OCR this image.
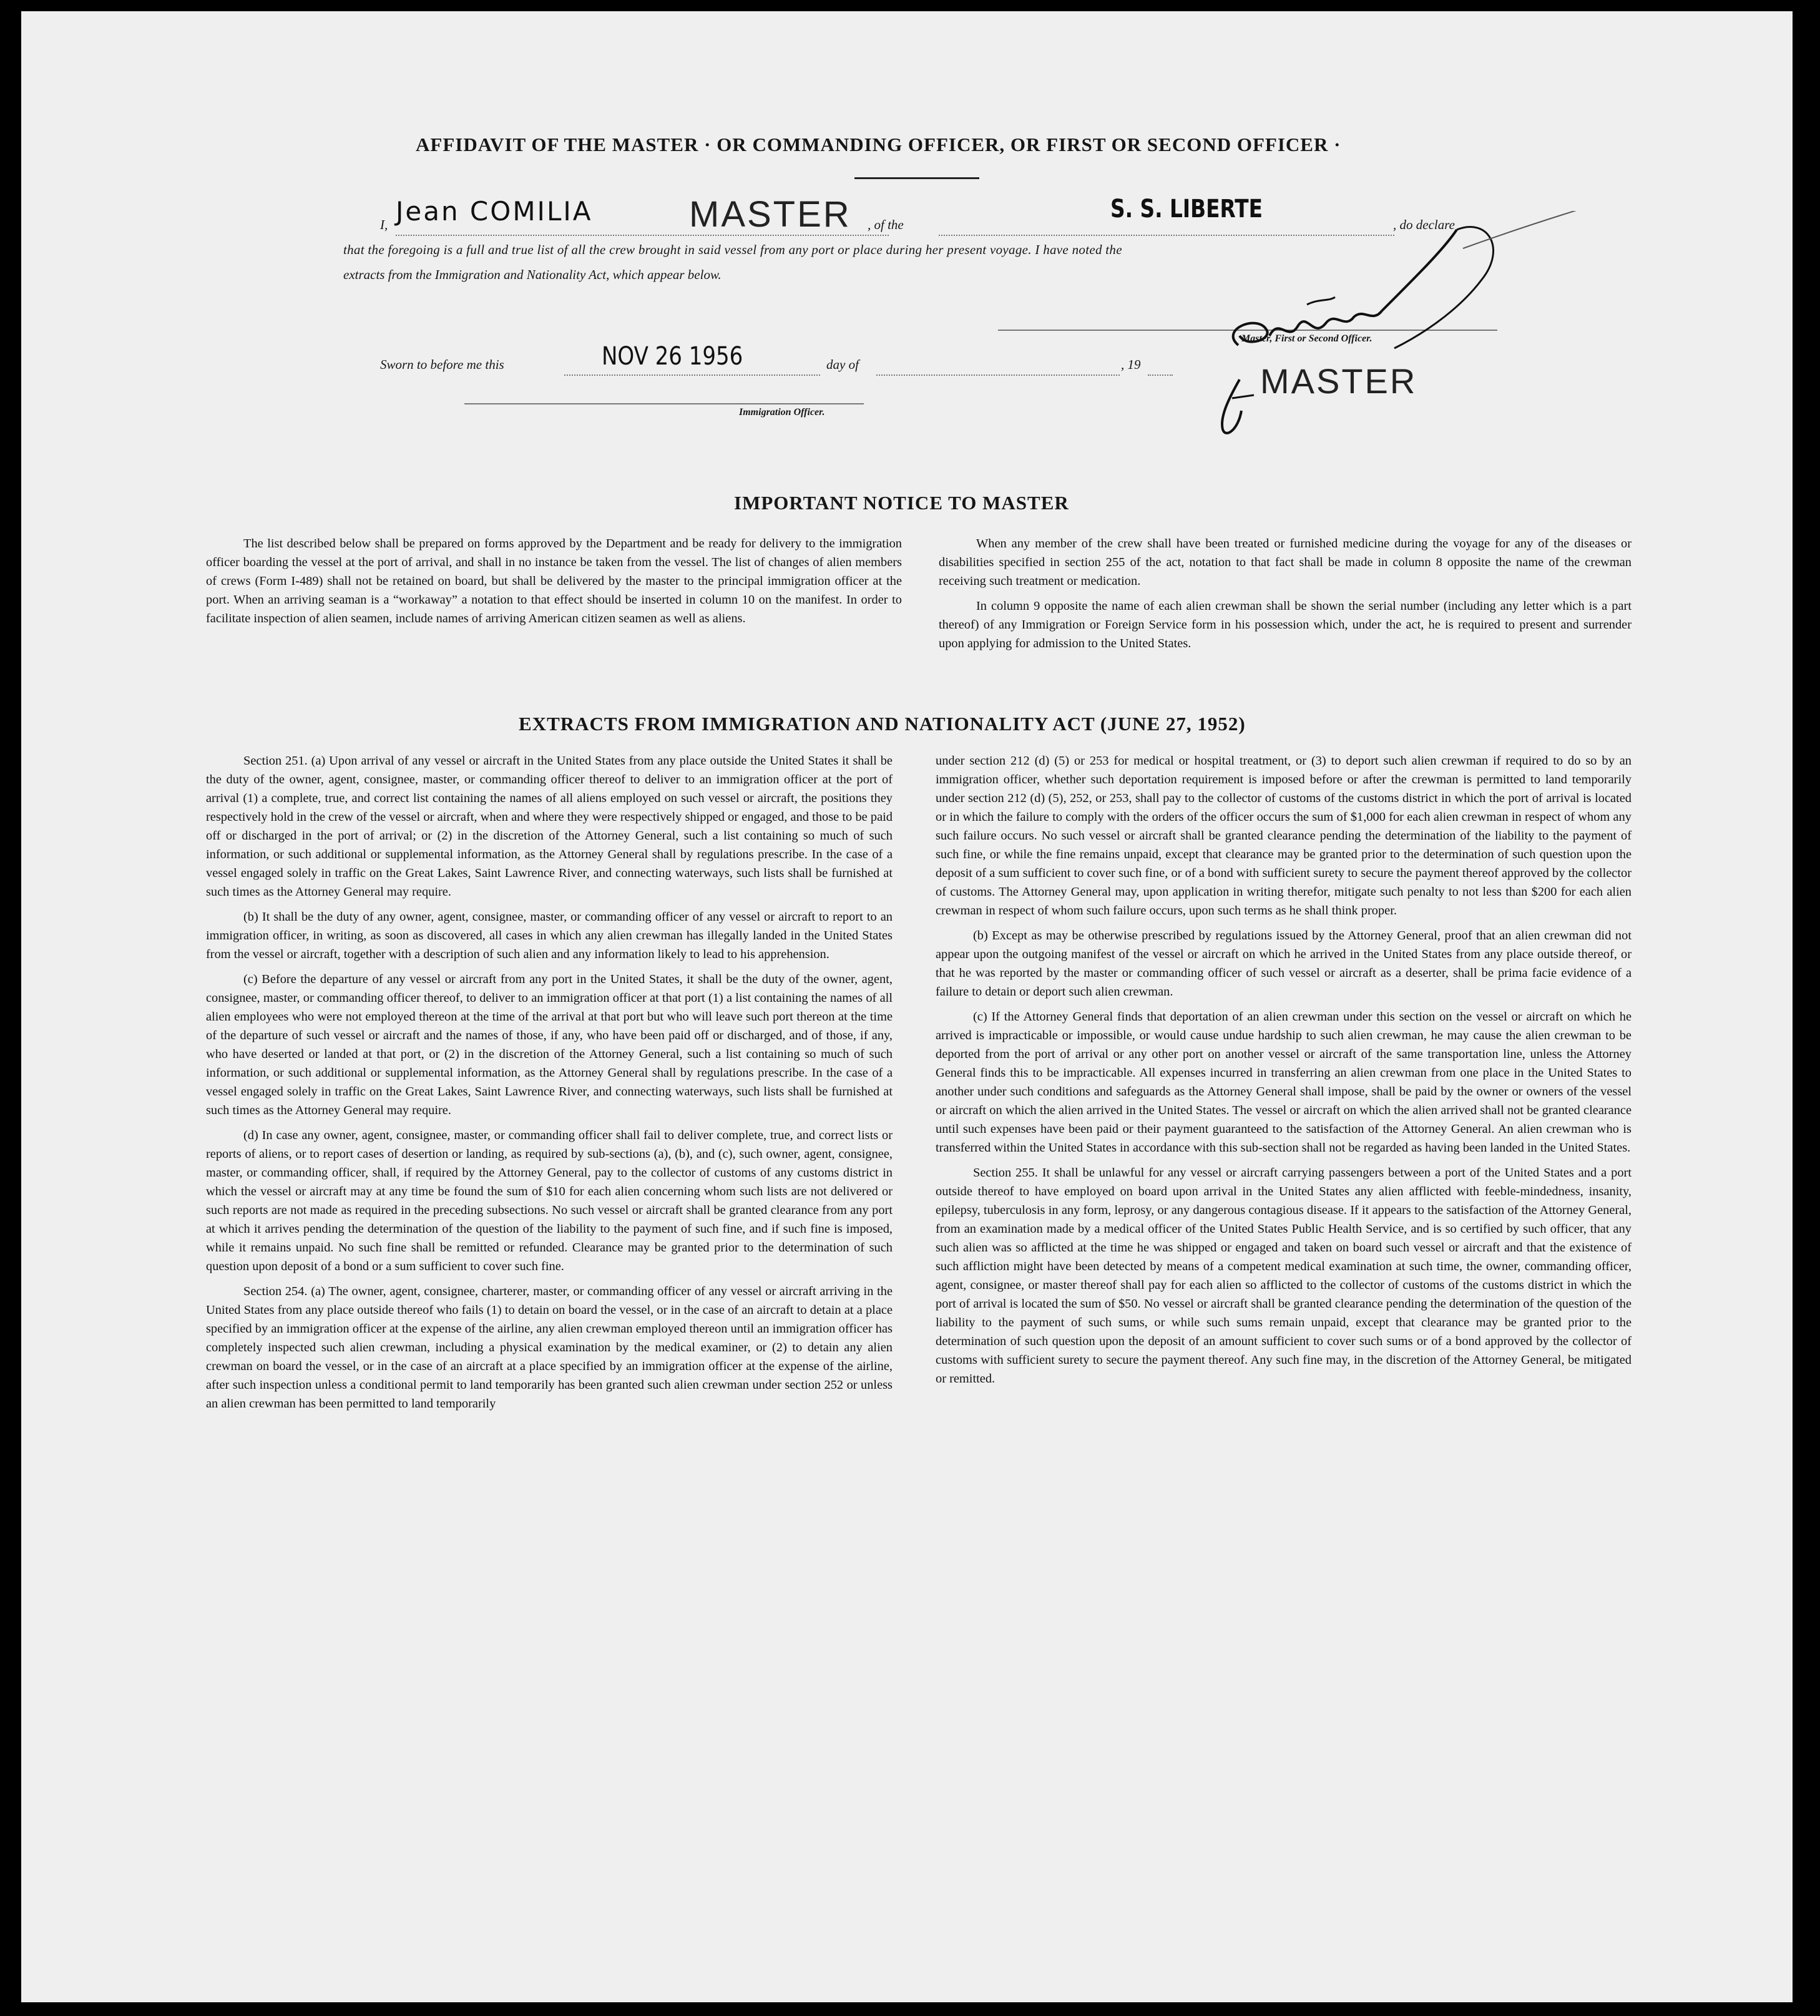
AFFIDAVIT OF THE MASTER · OR COMMANDING OFFICER, OR FIRST OR SECOND OFFICER ·
I, Jean COMILIA	MASTER , of the
S. S. LIBERTE
, do declare
that the foregoing is a full and true list of all the crew brought in said vessel from any port or place during her present voyage. I have noted the
extracts from the Immigration and Nationality Act, which appear below.
Master, First or Second Officer.
MASTER
Sworn to before me this	NOV 26 1956	day of	, 19
Immigration Officer.
IMPORTANT NOTICE TO MASTER

The list described below shall be prepared on forms approved by the Department and be ready for delivery to the immigration officer boarding the vessel at the port of arrival, and shall in no instance be taken from the vessel. The list of changes of alien members of crews (Form I-489) shall not be retained on board, but shall be delivered by the master to the principal immigration officer at the port. When an arriving seaman is a “workaway” a notation to that effect should be inserted in column 10 on the manifest. In order to facilitate inspection of alien seamen, include names of arriving American citizen seamen as well as aliens.

When any member of the crew shall have been treated or furnished medicine during the voyage for any of the diseases or disabilities specified in section 255 of the act, notation to that fact shall be made in column 8 opposite the name of the crewman receiving such treatment or medication.

In column 9 opposite the name of each alien crewman shall be shown the serial number (including any letter which is a part thereof) of any Immigration or Foreign Service form in his possession which, under the act, he is required to present and surrender upon applying for admission to the United States.

EXTRACTS FROM IMMIGRATION AND NATIONALITY ACT (JUNE 27, 1952)

Section 251. (a) Upon arrival of any vessel or aircraft in the United States from any place outside the United States it shall be the duty of the owner, agent, consignee, master, or commanding officer thereof to deliver to an immigration officer at the port of arrival (1) a complete, true, and correct list containing the names of all aliens employed on such vessel or aircraft, the positions they respectively hold in the crew of the vessel or aircraft, when and where they were respectively shipped or engaged, and those to be paid off or discharged in the port of arrival; or (2) in the discretion of the Attorney General, such a list containing so much of such information, or such additional or supplemental information, as the Attorney General shall by regulations prescribe. In the case of a vessel engaged solely in traffic on the Great Lakes, Saint Lawrence River, and connecting waterways, such lists shall be furnished at such times as the Attorney General may require.

(b) It shall be the duty of any owner, agent, consignee, master, or commanding officer of any vessel or aircraft to report to an immigration officer, in writing, as soon as discovered, all cases in which any alien crewman has illegally landed in the United States from the vessel or aircraft, together with a description of such alien and any information likely to lead to his apprehension.

(c) Before the departure of any vessel or aircraft from any port in the United States, it shall be the duty of the owner, agent, consignee, master, or commanding officer thereof, to deliver to an immigration officer at that port (1) a list containing the names of all alien employees who were not employed thereon at the time of the arrival at that port but who will leave such port thereon at the time of the departure of such vessel or aircraft and the names of those, if any, who have been paid off or discharged, and of those, if any, who have deserted or landed at that port, or (2) in the discretion of the Attorney General, such a list containing so much of such information, or such additional or supplemental information, as the Attorney General shall by regulations prescribe. In the case of a vessel engaged solely in traffic on the Great Lakes, Saint Lawrence River, and connecting waterways, such lists shall be furnished at such times as the Attorney General may require.

(d) In case any owner, agent, consignee, master, or commanding officer shall fail to deliver complete, true, and correct lists or reports of aliens, or to report cases of desertion or landing, as required by sub-sections (a), (b), and (c), such owner, agent, consignee, master, or commanding officer, shall, if required by the Attorney General, pay to the collector of customs of any customs district in which the vessel or aircraft may at any time be found the sum of $10 for each alien concerning whom such lists are not delivered or such reports are not made as required in the preceding subsections. No such vessel or aircraft shall be granted clearance from any port at which it arrives pending the determination of the question of the liability to the payment of such fine, and if such fine is imposed, while it remains unpaid. No such fine shall be remitted or refunded. Clearance may be granted prior to the determination of such question upon deposit of a bond or a sum sufficient to cover such fine.

Section 254. (a) The owner, agent, consignee, charterer, master, or commanding officer of any vessel or aircraft arriving in the United States from any place outside thereof who fails (1) to detain on board the vessel, or in the case of an aircraft to detain at a place specified by an immigration officer at the expense of the airline, any alien crewman employed thereon until an immigration officer has completely inspected such alien crewman, including a physical examination by the medical examiner, or (2) to detain any alien crewman on board the vessel, or in the case of an aircraft at a place specified by an immigration officer at the expense of the airline, after such inspection unless a conditional permit to land temporarily has been granted such alien crewman under section 252 or unless an alien crewman has been permitted to land temporarily

under section 212 (d) (5) or 253 for medical or hospital treatment, or (3) to deport such alien crewman if required to do so by an immigration officer, whether such deportation requirement is imposed before or after the crewman is permitted to land temporarily under section 212 (d) (5), 252, or 253, shall pay to the collector of customs of the customs district in which the port of arrival is located or in which the failure to comply with the orders of the officer occurs the sum of $1,000 for each alien crewman in respect of whom any such failure occurs. No such vessel or aircraft shall be granted clearance pending the determination of the liability to the payment of such fine, or while the fine remains unpaid, except that clearance may be granted prior to the determination of such question upon the deposit of a sum sufficient to cover such fine, or of a bond with sufficient surety to secure the payment thereof approved by the collector of customs. The Attorney General may, upon application in writing therefor, mitigate such penalty to not less than $200 for each alien crewman in respect of whom such failure occurs, upon such terms as he shall think proper.

(b) Except as may be otherwise prescribed by regulations issued by the Attorney General, proof that an alien crewman did not appear upon the outgoing manifest of the vessel or aircraft on which he arrived in the United States from any place outside thereof, or that he was reported by the master or commanding officer of such vessel or aircraft as a deserter, shall be prima facie evidence of a failure to detain or deport such alien crewman.

(c) If the Attorney General finds that deportation of an alien crewman under this section on the vessel or aircraft on which he arrived is impracticable or impossible, or would cause undue hardship to such alien crewman, he may cause the alien crewman to be deported from the port of arrival or any other port on another vessel or aircraft of the same transportation line, unless the Attorney General finds this to be impracticable. All expenses incurred in transferring an alien crewman from one place in the United States to another under such conditions and safeguards as the Attorney General shall impose, shall be paid by the owner or owners of the vessel or aircraft on which the alien arrived in the United States. The vessel or aircraft on which the alien arrived shall not be granted clearance until such expenses have been paid or their payment guaranteed to the satisfaction of the Attorney General. An alien crewman who is transferred within the United States in accordance with this sub-section shall not be regarded as having been landed in the United States.

Section 255. It shall be unlawful for any vessel or aircraft carrying passengers between a port of the United States and a port outside thereof to have employed on board upon arrival in the United States any alien afflicted with feeble-mindedness, insanity, epilepsy, tuberculosis in any form, leprosy, or any dangerous contagious disease. If it appears to the satisfaction of the Attorney General, from an examination made by a medical officer of the United States Public Health Service, and is so certified by such officer, that any such alien was so afflicted at the time he was shipped or engaged and taken on board such vessel or aircraft and that the existence of such affliction might have been detected by means of a competent medical examination at such time, the owner, commanding officer, agent, consignee, or master thereof shall pay for each alien so afflicted to the collector of customs of the customs district in which the port of arrival is located the sum of $50. No vessel or aircraft shall be granted clearance pending the determination of the question of the liability to the payment of such sums, or while such sums remain unpaid, except that clearance may be granted prior to the determination of such question upon the deposit of an amount sufficient to cover such sums or of a bond approved by the collector of customs with sufficient surety to secure the payment thereof. Any such fine may, in the discretion of the Attorney General, be mitigated or remitted.
